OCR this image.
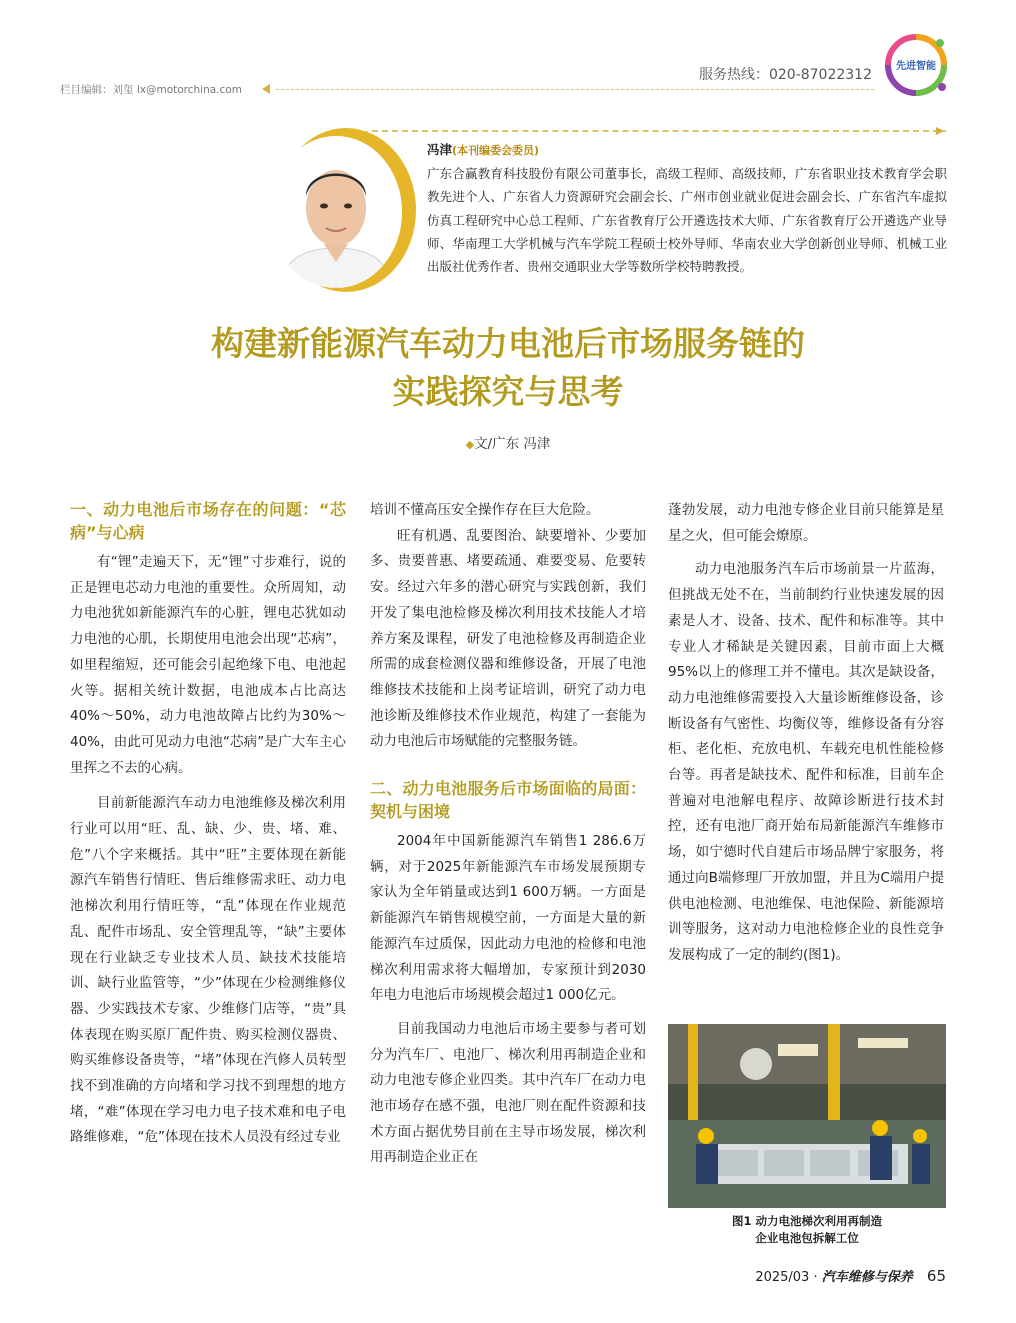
服务热线：020-87022312
先进智能
栏目编辑：刘玺 lx@motorchina.com
冯津(本刊编委会委员)
广东合赢教育科技股份有限公司董事长，高级工程师、高级技师，广东省职业技术教育学会职教先进个人、广东省人力资源研究会副会长、广州市创业就业促进会副会长、广东省汽车虚拟仿真工程研究中心总工程师、广东省教育厅公开遴选技术大师、广东省教育厅公开遴选产业导师、华南理工大学机械与汽车学院工程硕士校外导师、华南农业大学创新创业导师、机械工业出版社优秀作者、贵州交通职业大学等数所学校特聘教授。
构建新能源汽车动力电池后市场服务链的
实践探究与思考
◆文/广东 冯津
一、动力电池后市场存在的问题：“芯病”与心病

有“锂”走遍天下，无“锂”寸步难行，说的正是锂电芯动力电池的重要性。众所周知，动力电池犹如新能源汽车的心脏，锂电芯犹如动力电池的心肌，长期使用电池会出现“芯病”，如里程缩短，还可能会引起绝缘下电、电池起火等。据相关统计数据，电池成本占比高达40%～50%，动力电池故障占比约为30%～40%，由此可见动力电池“芯病”是广大车主心里挥之不去的心病。

目前新能源汽车动力电池维修及梯次利用行业可以用“旺、乱、缺、少、贵、堵、难、危”八个字来概括。其中“旺”主要体现在新能源汽车销售行情旺、售后维修需求旺、动力电池梯次利用行情旺等，“乱”体现在作业规范乱、配件市场乱、安全管理乱等，“缺”主要体现在行业缺乏专业技术人员、缺技术技能培训、缺行业监管等，“少”体现在少检测维修仪器、少实践技术专家、少维修门店等，“贵”具体表现在购买原厂配件贵、购买检测仪器贵、购买维修设备贵等，“堵”体现在汽修人员转型找不到准确的方向堵和学习找不到理想的地方堵，“难”体现在学习电力电子技术难和电子电路维修难，“危”体现在技术人员没有经过专业

培训不懂高压安全操作存在巨大危险。

旺有机遇、乱要图治、缺要增补、少要加多、贵要普惠、堵要疏通、难要变易、危要转安。经过六年多的潜心研究与实践创新，我们开发了集电池检修及梯次利用技术技能人才培养方案及课程，研发了电池检修及再制造企业所需的成套检测仪器和维修设备，开展了电池维修技术技能和上岗考证培训，研究了动力电池诊断及维修技术作业规范，构建了一套能为动力电池后市场赋能的完整服务链。

二、动力电池服务后市场面临的局面：契机与困境

2004年中国新能源汽车销售1 286.6万辆，对于2025年新能源汽车市场发展预期专家认为全年销量或达到1 600万辆。一方面是新能源汽车销售规模空前，一方面是大量的新能源汽车过质保，因此动力电池的检修和电池梯次利用需求将大幅增加，专家预计到2030年电力电池后市场规模会超过1 000亿元。

目前我国动力电池后市场主要参与者可划分为汽车厂、电池厂、梯次利用再制造企业和动力电池专修企业四类。其中汽车厂在动力电池市场存在感不强，电池厂则在配件资源和技术方面占据优势目前在主导市场发展，梯次利用再制造企业正在

蓬勃发展，动力电池专修企业目前只能算是星星之火，但可能会燎原。

动力电池服务汽车后市场前景一片蓝海，但挑战无处不在，当前制约行业快速发展的因素是人才、设备、技术、配件和标准等。其中专业人才稀缺是关键因素，目前市面上大概95%以上的修理工并不懂电。其次是缺设备，动力电池维修需要投入大量诊断维修设备，诊断设备有气密性、均衡仪等，维修设备有分容柜、老化柜、充放电机、车载充电机性能检修台等。再者是缺技术、配件和标准，目前车企普遍对电池解电程序、故障诊断进行技术封控，还有电池厂商开始布局新能源汽车维修市场，如宁德时代自建后市场品牌宁家服务，将通过向B端修理厂开放加盟，并且为C端用户提供电池检测、电池维保、电池保险、新能源培训等服务，这对动力电池检修企业的良性竞争发展构成了一定的制约(图1)。

图1 动力电池梯次利用再制造
企业电池包拆解工位
2025/03 · 汽车维修与保养 65
